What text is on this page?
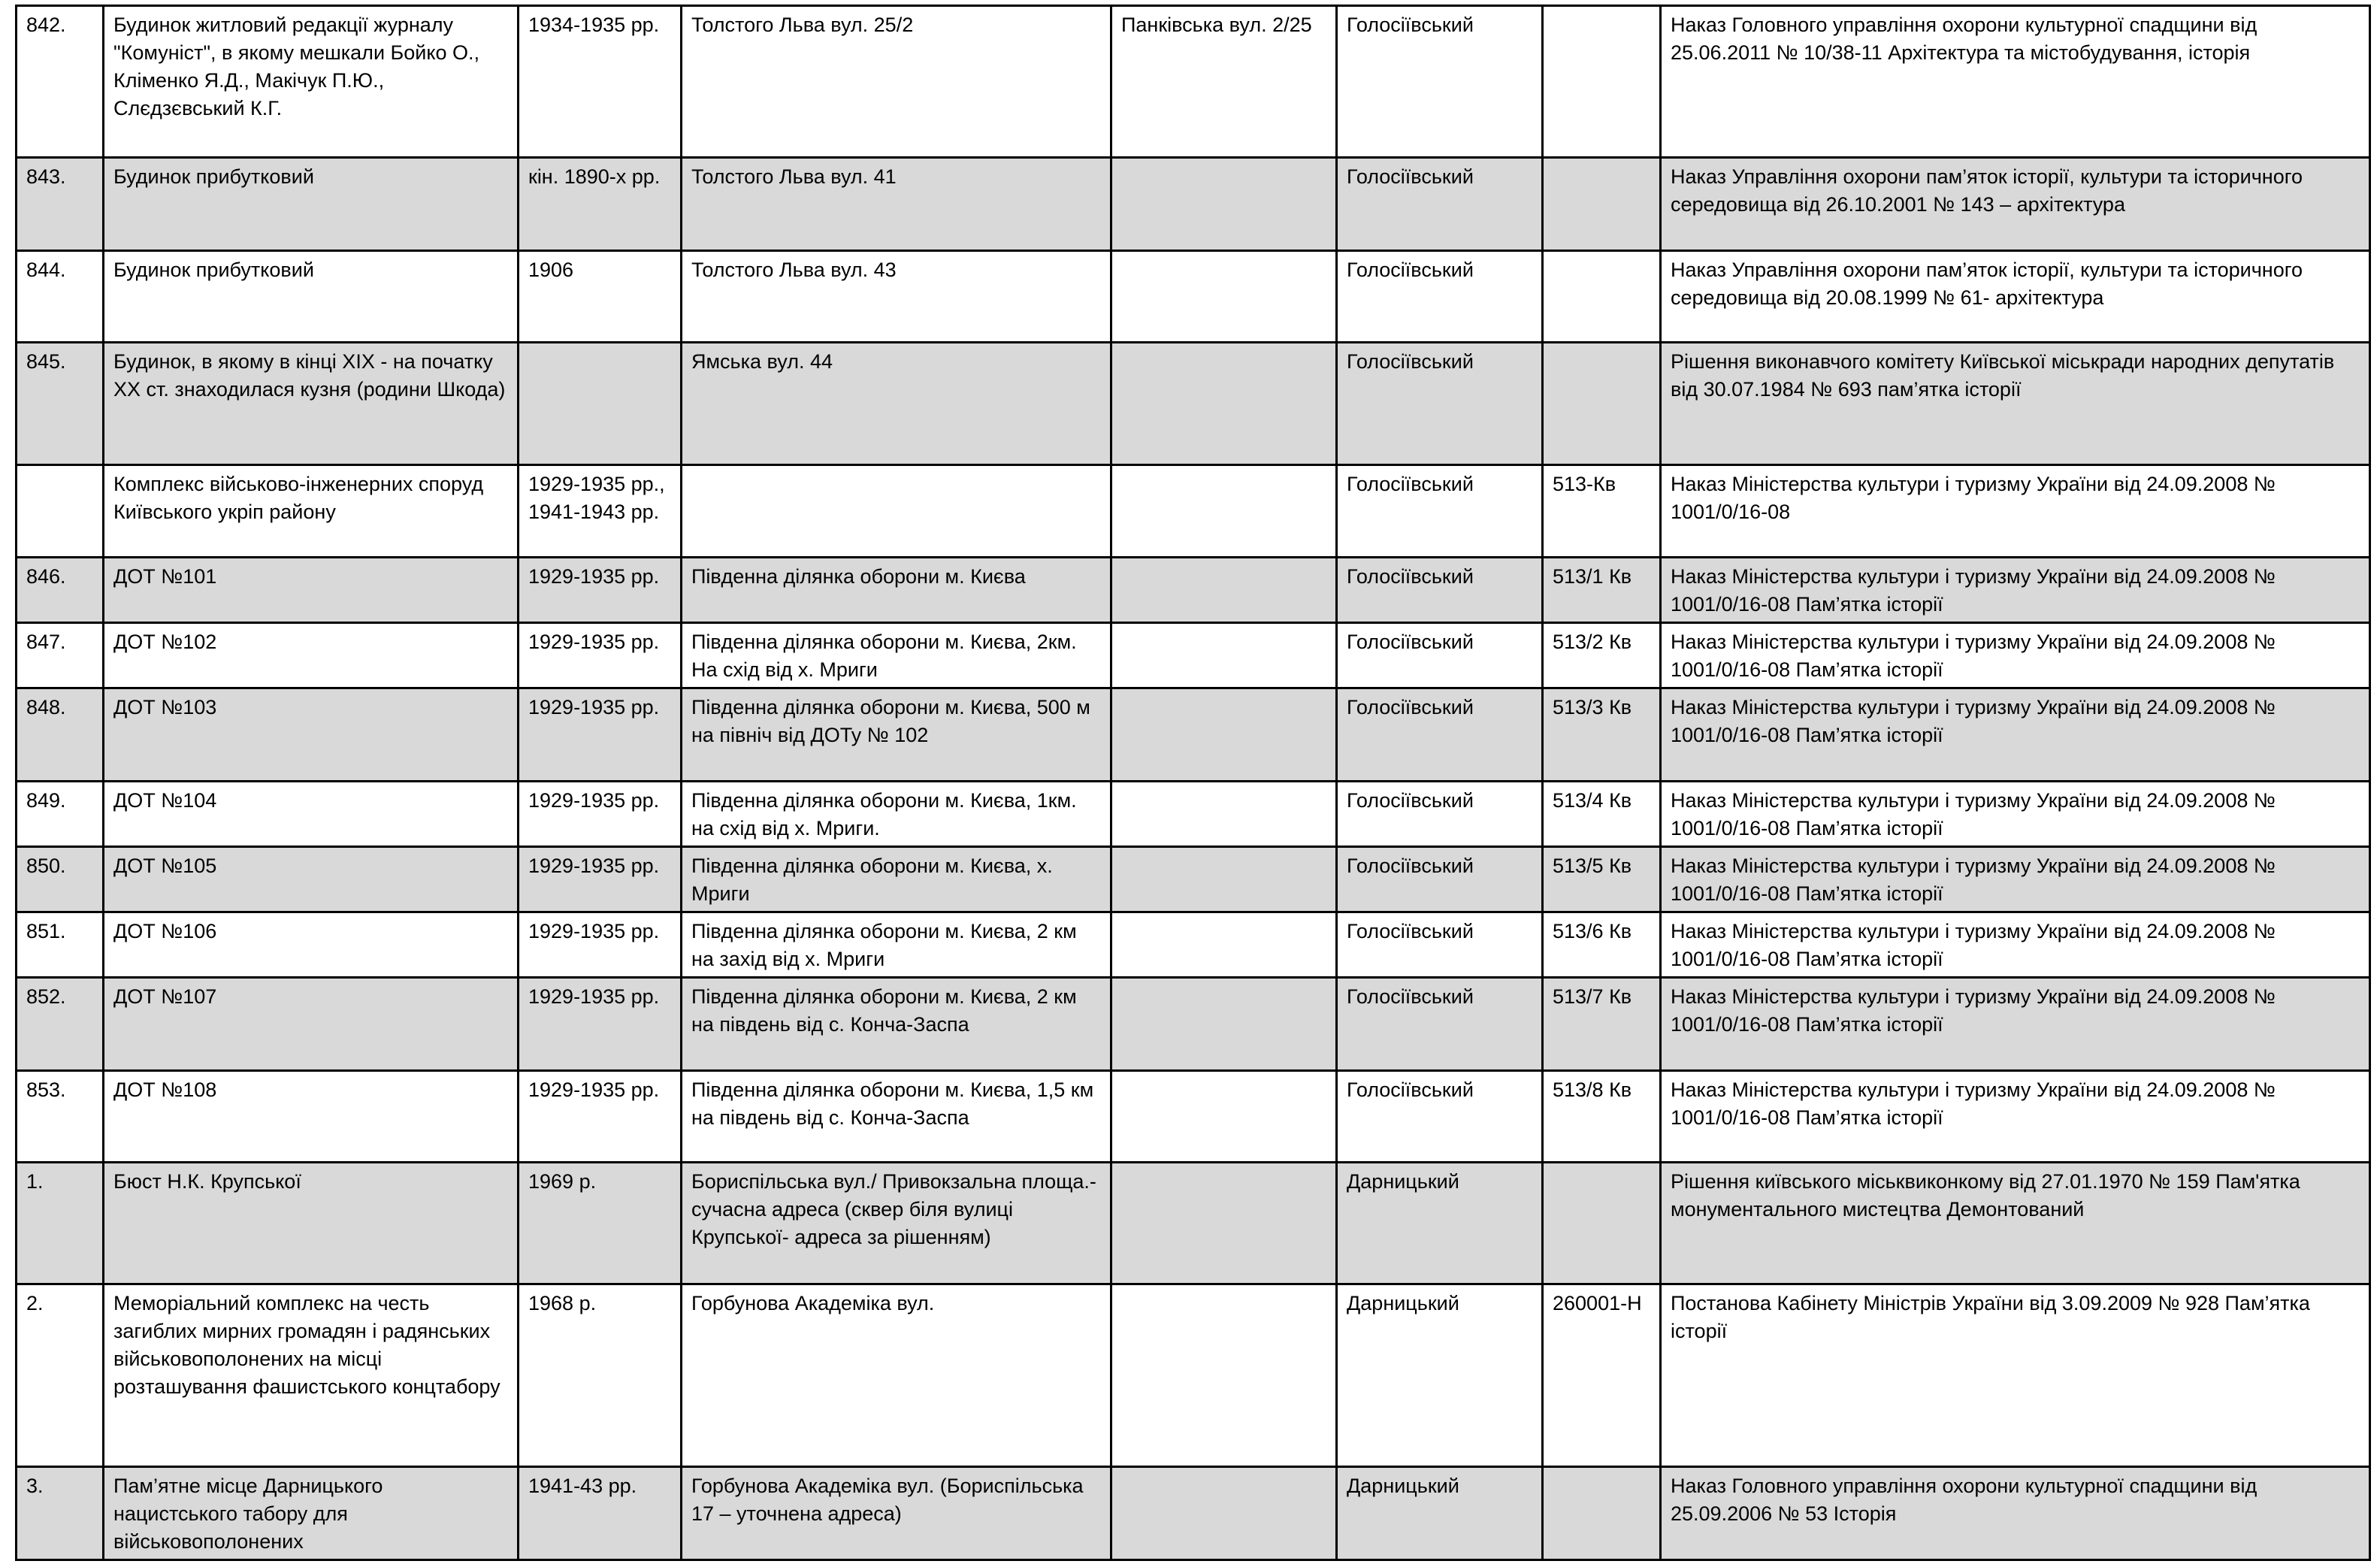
842.	Будинок житловий редакції журналу "Комуніст", в якому мешкали Бойко О., Кліменко Я.Д., Макічук П.Ю., Слєдзєвський К.Г.	1934-1935 рр.	Толстого Льва вул. 25/2	Панківська вул. 2/25	Голосіївський		Наказ Головного управління охорони культурної спадщини від 25.06.2011 № 10/38-11 Архітектура та містобудування, історія
843.	Будинок прибутковий	кін. 1890-х рр.	Толстого Льва вул. 41		Голосіївський		Наказ Управління охорони пам’яток історії, культури та історичного середовища від 26.10.2001 № 143 – архітектура
844.	Будинок прибутковий	1906	Толстого Льва вул. 43		Голосіївський		Наказ Управління охорони пам’яток історії, культури та історичного середовища від 20.08.1999 № 61- архітектура
845.	Будинок, в якому в кінці ХІХ - на початку ХХ ст. знаходилася кузня (родини Шкода)		Ямська вул. 44		Голосіївський		Рішення виконавчого комітету Київської міськради народних депутатів від 30.07.1984 № 693 пам’ятка історії
	Комплекс військово-інженерних споруд Київського укріп району	1929-1935 рр., 1941-1943 рр.			Голосіївський	513-Кв	Наказ Міністерства культури і туризму України від 24.09.2008 № 1001/0/16-08
846.	ДОТ №101	1929-1935 рр.	Південна ділянка оборони м. Києва		Голосіївський	513/1 Кв	Наказ Міністерства культури і туризму України від 24.09.2008 № 1001/0/16-08 Пам’ятка історії
847.	ДОТ №102	1929-1935 рр.	Південна ділянка оборони м. Києва, 2км. На схід від х. Мриги		Голосіївський	513/2 Кв	Наказ Міністерства культури і туризму України від 24.09.2008 № 1001/0/16-08 Пам’ятка історії
848.	ДОТ №103	1929-1935 рр.	Південна ділянка оборони м. Києва, 500 м на північ від ДОТу № 102		Голосіївський	513/3 Кв	Наказ Міністерства культури і туризму України від 24.09.2008 № 1001/0/16-08 Пам’ятка історії
849.	ДОТ №104	1929-1935 рр.	Південна ділянка оборони м. Києва, 1км. на схід від х. Мриги.		Голосіївський	513/4 Кв	Наказ Міністерства культури і туризму України від 24.09.2008 № 1001/0/16-08 Пам’ятка історії
850.	ДОТ №105	1929-1935 рр.	Південна ділянка оборони м. Києва, х. Мриги		Голосіївський	513/5 Кв	Наказ Міністерства культури і туризму України від 24.09.2008 № 1001/0/16-08 Пам’ятка історії
851.	ДОТ №106	1929-1935 рр.	Південна ділянка оборони м. Києва, 2 км на захід від х. Мриги		Голосіївський	513/6 Кв	Наказ Міністерства культури і туризму України від 24.09.2008 № 1001/0/16-08 Пам’ятка історії
852.	ДОТ №107	1929-1935 рр.	Південна ділянка оборони м. Києва, 2 км на південь від с. Конча-Заспа		Голосіївський	513/7 Кв	Наказ Міністерства культури і туризму України від 24.09.2008 № 1001/0/16-08 Пам’ятка історії
853.	ДОТ №108	1929-1935 рр.	Південна ділянка оборони м. Києва, 1,5 км на південь від с. Конча-Заспа		Голосіївський	513/8 Кв	Наказ Міністерства культури і туризму України від 24.09.2008 № 1001/0/16-08 Пам’ятка історії
1.	Бюст Н.К. Крупської	1969 р.	Бориспільська вул./ Привокзальна площа.- сучасна адреса (сквер біля вулиці Крупської- адреса за рішенням)		Дарницький		Рішення київського міськвиконкому від 27.01.1970 № 159 Пам'ятка монументального мистецтва Демонтований
2.	Меморіальний комплекс на честь загиблих мирних громадян і радянських військовополонених на місці розташування фашистського концтабору	1968 р.	Горбунова Академіка вул.		Дарницький	260001-Н	Постанова Кабінету Міністрів України від 3.09.2009 № 928 Пам’ятка історії
3.	Пам’ятне місце Дарницького нацистського табору для військовополонених	1941-43 рр.	Горбунова Академіка вул. (Бориспільська 17 – уточнена адреса)		Дарницький		Наказ Головного управління охорони культурної спадщини від 25.09.2006 № 53 Історія
